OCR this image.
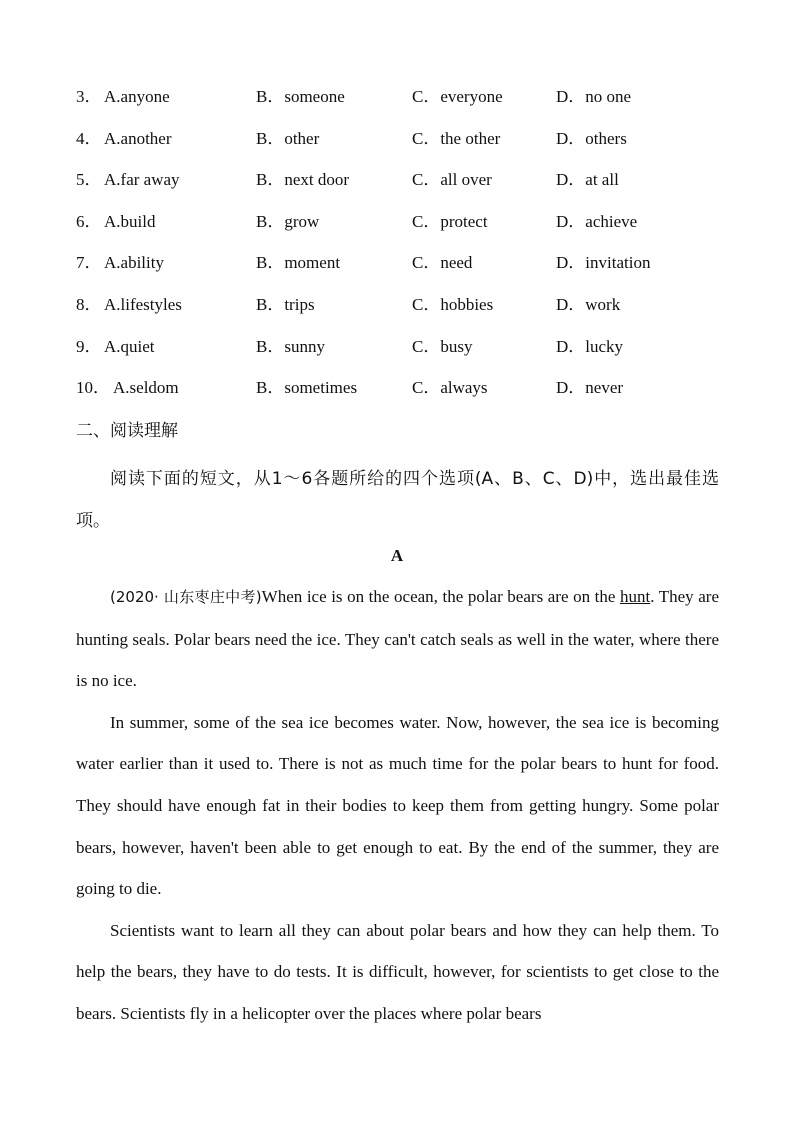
3． A.anyone	B．someone	C．everyone	D．no one
4． A.another	B．other	C．the other	D．others
5． A.far away	B．next door	C．all over	D．at all
6． A.build	B．grow	C．protect	D．achieve
7． A.ability	B．moment	C．need	D．invitation
8． A.lifestyles	B．trips	C．hobbies	D．work
9． A.quiet	B．sunny	C．busy	D．lucky
10． A.seldom	B．sometimes	C．always	D．never
二、阅读理解
阅读下面的短文，从1～6各题所给的四个选项(A、B、C、D)中，选出最佳选项。
A

(2020· 山东枣庄中考)When ice is on the ocean, the polar bears are on the hunt. They are hunting seals. Polar bears need the ice. They can't catch seals as well in the water, where there is no ice.

In summer, some of the sea ice becomes water. Now, however, the sea ice is becoming water earlier than it used to. There is not as much time for the polar bears to hunt for food. They should have enough fat in their bodies to keep them from getting hungry. Some polar bears, however, haven't been able to get enough to eat. By the end of the summer, they are going to die.

Scientists want to learn all they can about polar bears and how they can help them. To help the bears, they have to do tests. It is difficult, however, for scientists to get close to the bears. Scientists fly in a helicopter over the places where polar bears
